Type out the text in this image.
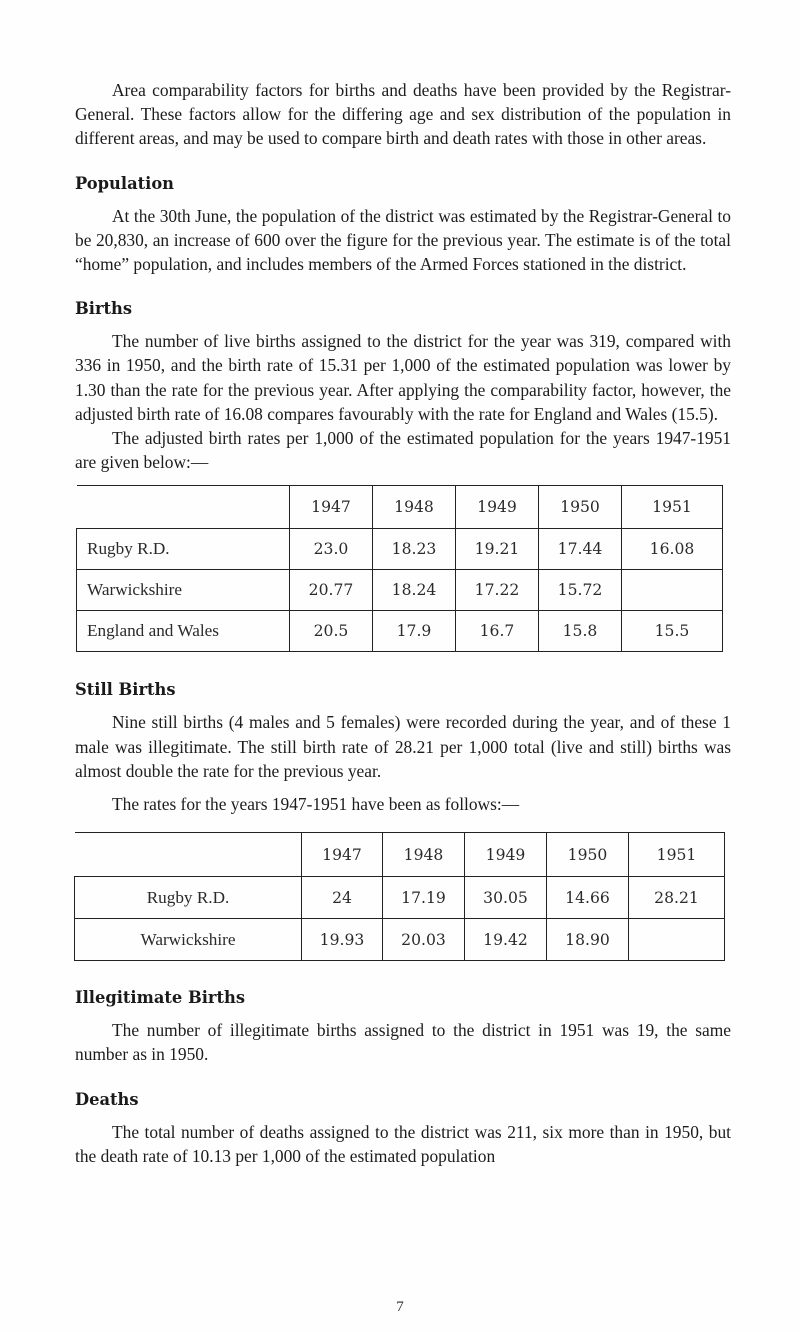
Area comparability factors for births and deaths have been provided by the Registrar-General. These factors allow for the differing age and sex distribution of the population in different areas, and may be used to compare birth and death rates with those in other areas.

Population

At the 30th June, the population of the district was estimated by the Registrar-General to be 20,830, an increase of 600 over the figure for the previous year. The estimate is of the total “home” population, and includes members of the Armed Forces stationed in the district.

Births

The number of live births assigned to the district for the year was 319, compared with 336 in 1950, and the birth rate of 15.31 per 1,000 of the estimated population was lower by 1.30 than the rate for the previous year. After applying the comparability factor, however, the adjusted birth rate of 16.08 compares favourably with the rate for England and Wales (15.5).

The adjusted birth rates per 1,000 of the estimated population for the years 1947-1951 are given below:—

	1947	1948	1949	1950	1951
Rugby R.D.	23.0	18.23	19.21	17.44	16.08
Warwickshire	20.77	18.24	17.22	15.72	
England and Wales	20.5	17.9	16.7	15.8	15.5
Still Births

Nine still births (4 males and 5 females) were recorded during the year, and of these 1 male was illegitimate. The still birth rate of 28.21 per 1,000 total (live and still) births was almost double the rate for the previous year.

The rates for the years 1947-1951 have been as follows:—

	1947	1948	1949	1950	1951
Rugby R.D.	24	17.19	30.05	14.66	28.21
Warwickshire	19.93	20.03	19.42	18.90	
Illegitimate Births

The number of illegitimate births assigned to the district in 1951 was 19, the same number as in 1950.

Deaths

The total number of deaths assigned to the district was 211, six more than in 1950, but the death rate of 10.13 per 1,000 of the estimated population

7
